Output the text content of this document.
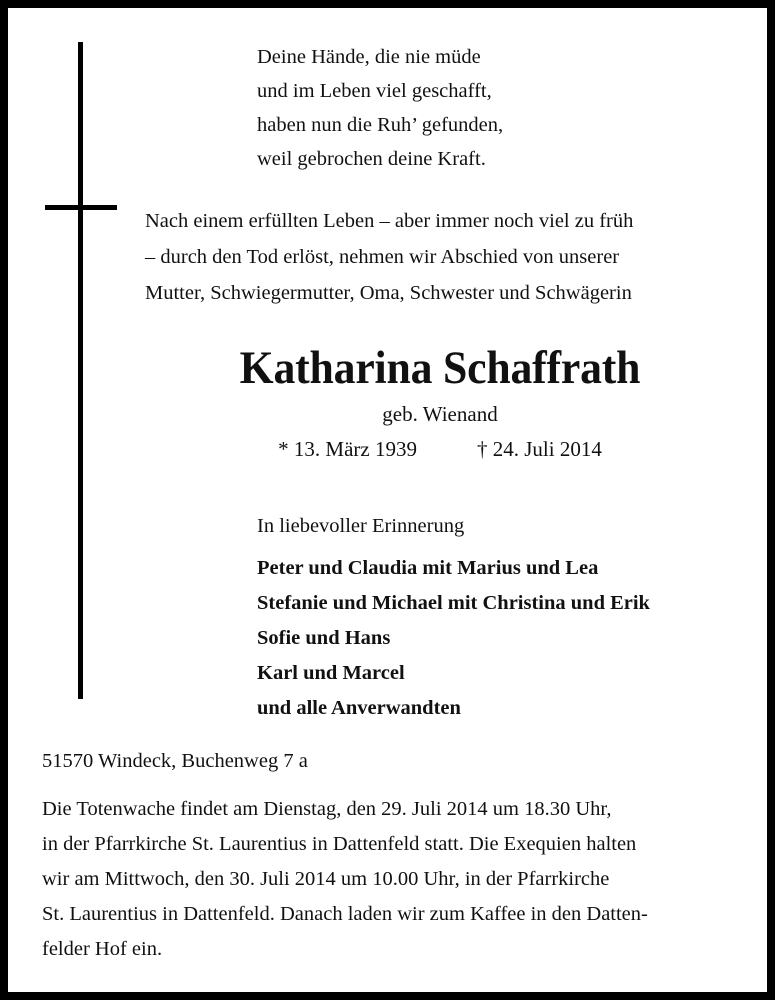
Deine Hände, die nie müde
und im Leben viel geschafft,
haben nun die Ruh’ gefunden,
weil gebrochen deine Kraft.
Nach einem erfüllten Leben – aber immer noch viel zu früh
– durch den Tod erlöst, nehmen wir Abschied von unserer
Mutter, Schwiegermutter, Oma, Schwester und Schwägerin
Katharina Schaffrath
geb. Wienand
* 13. März 1939	† 24. Juli 2014
In liebevoller Erinnerung
Peter und Claudia mit Marius und Lea
Stefanie und Michael mit Christina und Erik
Sofie und Hans
Karl und Marcel
und alle Anverwandten
51570 Windeck, Buchenweg 7 a
Die Totenwache findet am Dienstag, den 29. Juli 2014 um 18.30 Uhr,
in der Pfarrkirche St. Laurentius in Dattenfeld statt. Die Exequien halten
wir am Mittwoch, den 30. Juli 2014 um 10.00 Uhr, in der Pfarrkirche
St. Laurentius in Dattenfeld. Danach laden wir zum Kaffee in den Datten-
felder Hof ein.
